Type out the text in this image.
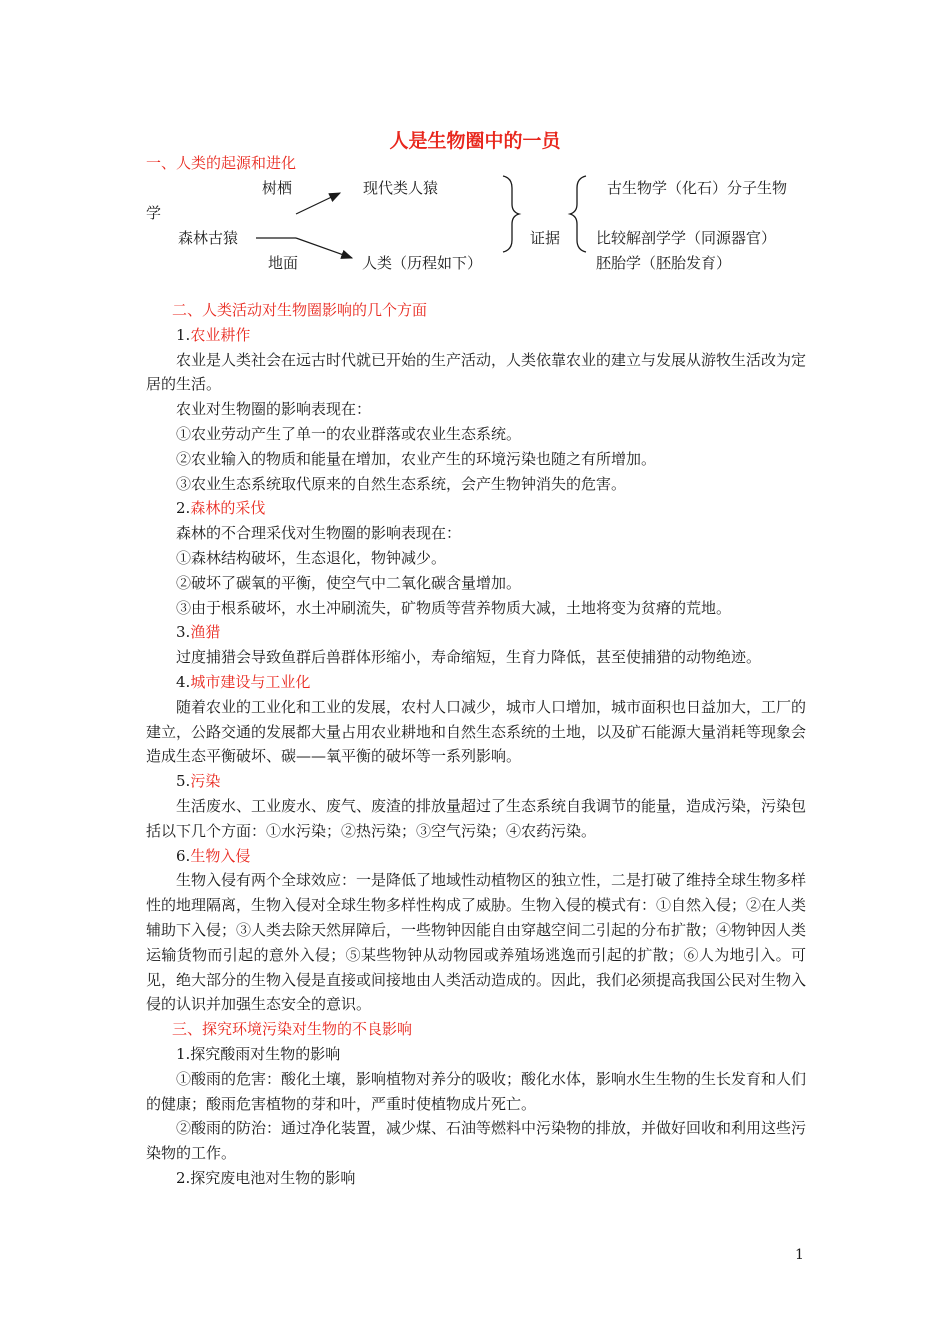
人是生物圈中的一员
一、人类的起源和进化
树栖	现代类人猿	古生物学（化石）分子生物
学
森林古猿	证据 比较解剖学学（同源器官）
地面	人类（历程如下）	胚胎学（胚胎发育）

二、人类活动对生物圈影响的几个方面

1.农业耕作

农业是人类社会在远古时代就已开始的生产活动，人类依靠农业的建立与发展从游牧生活改为定居的生活。

农业对生物圈的影响表现在：

①农业劳动产生了单一的农业群落或农业生态系统。

②农业输入的物质和能量在增加，农业产生的环境污染也随之有所增加。

③农业生态系统取代原来的自然生态系统，会产生物钟消失的危害。

2.森林的采伐

森林的不合理采伐对生物圈的影响表现在：

①森林结构破坏，生态退化，物钟减少。

②破坏了碳氧的平衡，使空气中二氧化碳含量增加。

③由于根系破坏，水土冲刷流失，矿物质等营养物质大减，土地将变为贫瘠的荒地。

3.渔猎

过度捕猎会导致鱼群后兽群体形缩小，寿命缩短，生育力降低，甚至使捕猎的动物绝迹。

4.城市建设与工业化

随着农业的工业化和工业的发展，农村人口减少，城市人口增加，城市面积也日益加大，工厂的建立，公路交通的发展都大量占用农业耕地和自然生态系统的土地，以及矿石能源大量消耗等现象会造成生态平衡破坏、碳——氧平衡的破坏等一系列影响。

5.污染

生活废水、工业废水、废气、废渣的排放量超过了生态系统自我调节的能量，造成污染，污染包括以下几个方面：①水污染；②热污染；③空气污染；④农药污染。

6.生物入侵

生物入侵有两个全球效应：一是降低了地域性动植物区的独立性，二是打破了维持全球生物多样性的地理隔离，生物入侵对全球生物多样性构成了威胁。生物入侵的模式有：①自然入侵；②在人类辅助下入侵；③人类去除天然屏障后，一些物钟因能自由穿越空间二引起的分布扩散；④物钟因人类运输货物而引起的意外入侵；⑤某些物钟从动物园或养殖场逃逸而引起的扩散；⑥人为地引入。可见，绝大部分的生物入侵是直接或间接地由人类活动造成的。因此，我们必须提高我国公民对生物入侵的认识并加强生态安全的意识。

三、探究环境污染对生物的不良影响

1.探究酸雨对生物的影响

①酸雨的危害：酸化土壤，影响植物对养分的吸收；酸化水体，影响水生生物的生长发育和人们的健康；酸雨危害植物的芽和叶，严重时使植物成片死亡。

②酸雨的防治：通过净化装置，减少煤、石油等燃料中污染物的排放，并做好回收和利用这些污染物的工作。

2.探究废电池对生物的影响

1
